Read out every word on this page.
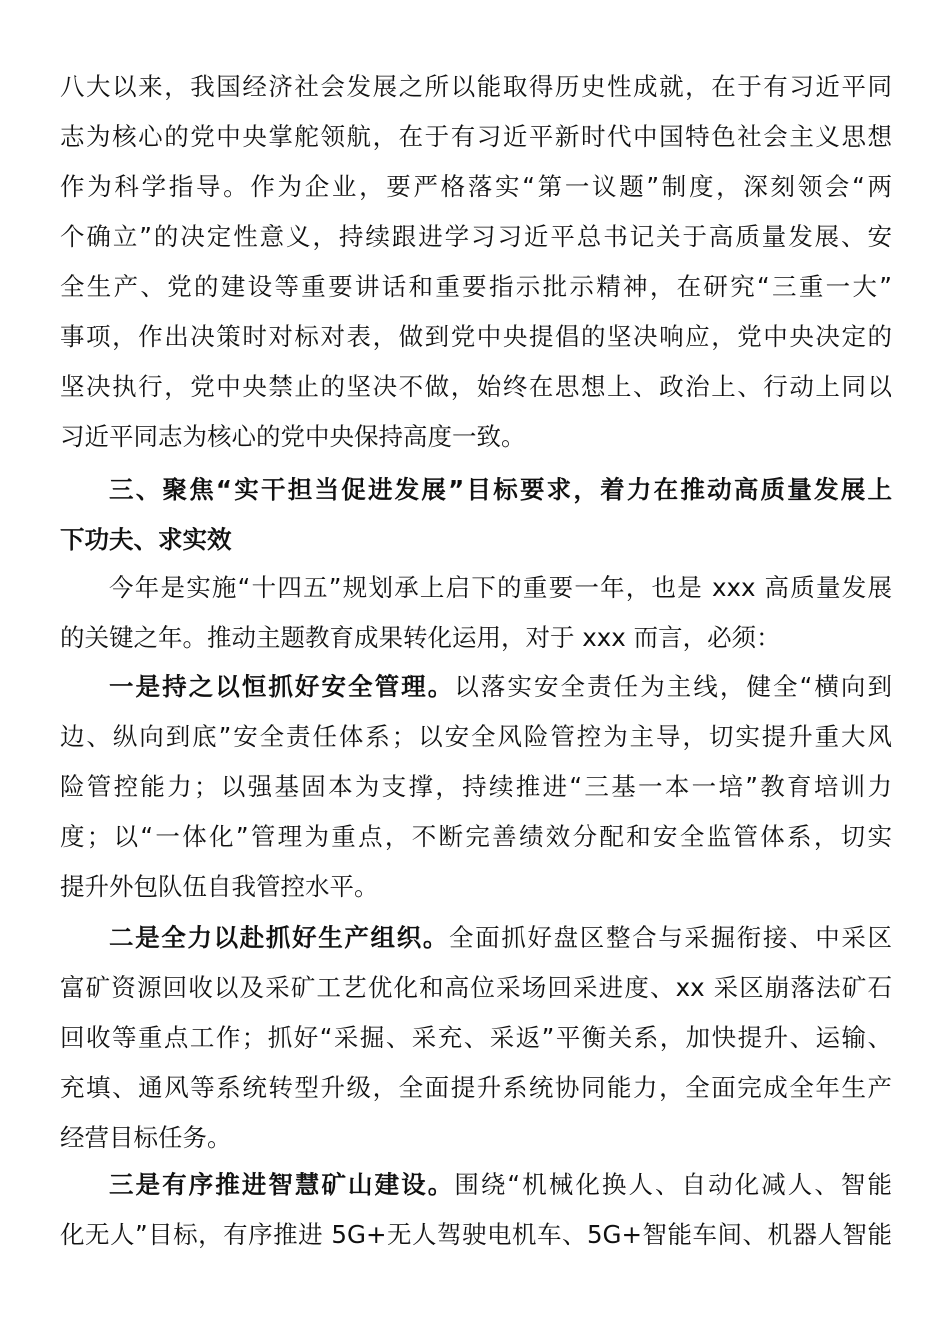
八大以来，我国经济社会发展之所以能取得历史性成就，在于有习近平同
志为核心的党中央掌舵领航，在于有习近平新时代中国特色社会主义思想
作为科学指导。作为企业，要严格落实“第一议题”制度，深刻领会“两
个确立”的决定性意义，持续跟进学习习近平总书记关于高质量发展、安
全生产、党的建设等重要讲话和重要指示批示精神，在研究“三重一大”
事项，作出决策时对标对表，做到党中央提倡的坚决响应，党中央决定的
坚决执行，党中央禁止的坚决不做，始终在思想上、政治上、行动上同以
习近平同志为核心的党中央保持高度一致。
三、聚焦“实干担当促进发展”目标要求，着力在推动高质量发展上
下功夫、求实效
今年是实施“十四五”规划承上启下的重要一年，也是 xxx 高质量发展
的关键之年。推动主题教育成果转化运用，对于 xxx 而言，必须：
一是持之以恒抓好安全管理。以落实安全责任为主线，健全“横向到
边、纵向到底”安全责任体系；以安全风险管控为主导，切实提升重大风
险管控能力；以强基固本为支撑，持续推进“三基一本一培”教育培训力
度；以“一体化”管理为重点，不断完善绩效分配和安全监管体系，切实
提升外包队伍自我管控水平。
二是全力以赴抓好生产组织。全面抓好盘区整合与采掘衔接、中采区
富矿资源回收以及采矿工艺优化和高位采场回采进度、xx 采区崩落法矿石
回收等重点工作；抓好“采掘、采充、采返”平衡关系，加快提升、运输、
充填、通风等系统转型升级，全面提升系统协同能力，全面完成全年生产
经营目标任务。
三是有序推进智慧矿山建设。围绕“机械化换人、自动化减人、智能
化无人”目标，有序推进 5G+无人驾驶电机车、5G+智能车间、机器人智能
